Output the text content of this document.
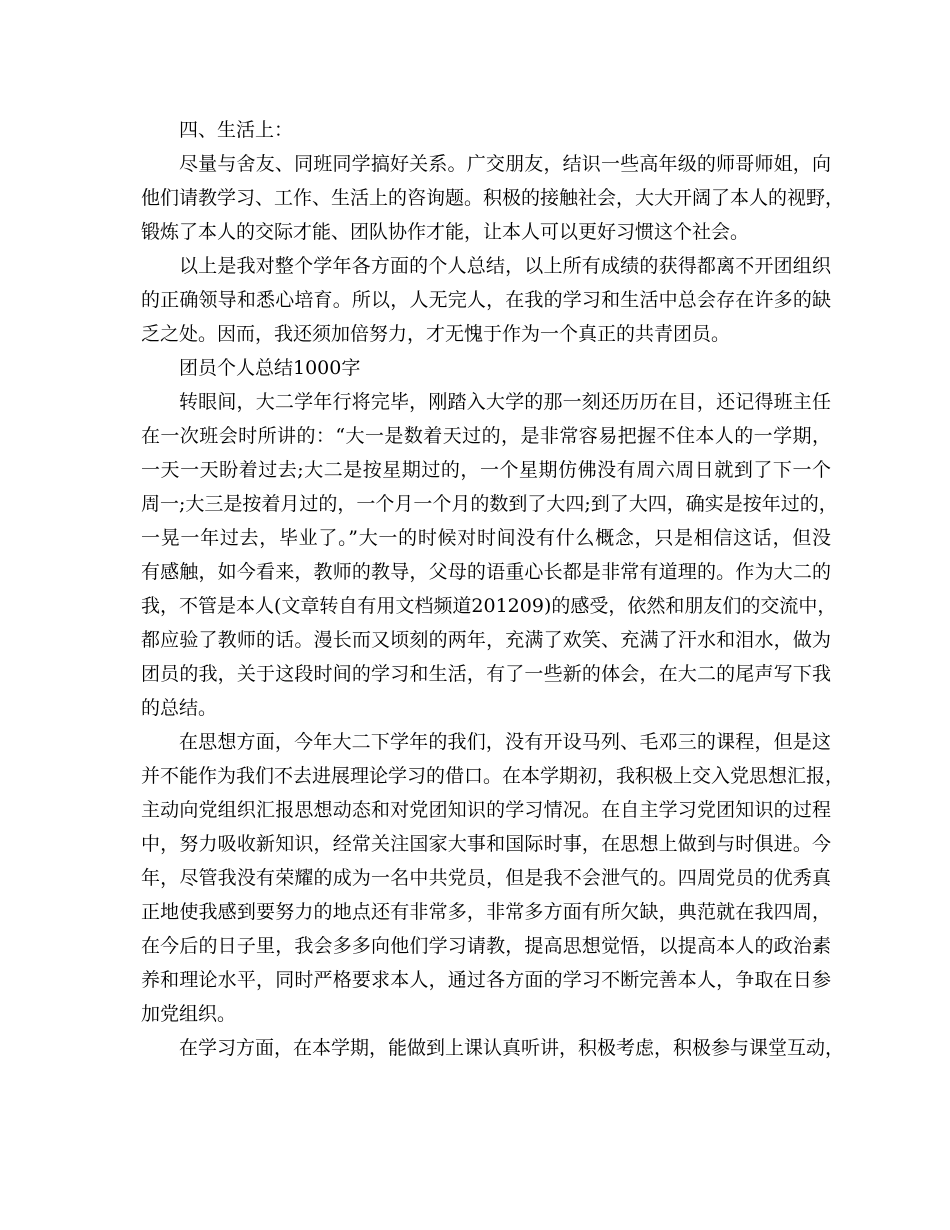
四、生活上：
尽量与舍友、同班同学搞好关系。广交朋友，结识一些高年级的师哥师姐，向
他们请教学习、工作、生活上的咨询题。积极的接触社会，大大开阔了本人的视野，
锻炼了本人的交际才能、团队协作才能，让本人可以更好习惯这个社会。
以上是我对整个学年各方面的个人总结，以上所有成绩的获得都离不开团组织
的正确领导和悉心培育。所以，人无完人，在我的学习和生活中总会存在许多的缺
乏之处。因而，我还须加倍努力，才无愧于作为一个真正的共青团员。
团员个人总结1000字
转眼间，大二学年行将完毕，刚踏入大学的那一刻还历历在目，还记得班主任
在一次班会时所讲的：“大一是数着天过的，是非常容易把握不住本人的一学期，
一天一天盼着过去;大二是按星期过的，一个星期仿佛没有周六周日就到了下一个
周一;大三是按着月过的，一个月一个月的数到了大四;到了大四，确实是按年过的，
一晃一年过去，毕业了。”大一的时候对时间没有什么概念，只是相信这话，但没
有感触，如今看来，教师的教导，父母的语重心长都是非常有道理的。作为大二的
我，不管是本人(文章转自有用文档频道201209)的感受，依然和朋友们的交流中，
都应验了教师的话。漫长而又顷刻的两年，充满了欢笑、充满了汗水和泪水，做为
团员的我，关于这段时间的学习和生活，有了一些新的体会，在大二的尾声写下我
的总结。
在思想方面，今年大二下学年的我们，没有开设马列、毛邓三的课程，但是这
并不能作为我们不去进展理论学习的借口。在本学期初，我积极上交入党思想汇报，
主动向党组织汇报思想动态和对党团知识的学习情况。在自主学习党团知识的过程
中，努力吸收新知识，经常关注国家大事和国际时事，在思想上做到与时俱进。今
年，尽管我没有荣耀的成为一名中共党员，但是我不会泄气的。四周党员的优秀真
正地使我感到要努力的地点还有非常多，非常多方面有所欠缺，典范就在我四周，
在今后的日子里，我会多多向他们学习请教，提高思想觉悟，以提高本人的政治素
养和理论水平，同时严格要求本人，通过各方面的学习不断完善本人，争取在日参
加党组织。
在学习方面，在本学期，能做到上课认真听讲，积极考虑，积极参与课堂互动，
